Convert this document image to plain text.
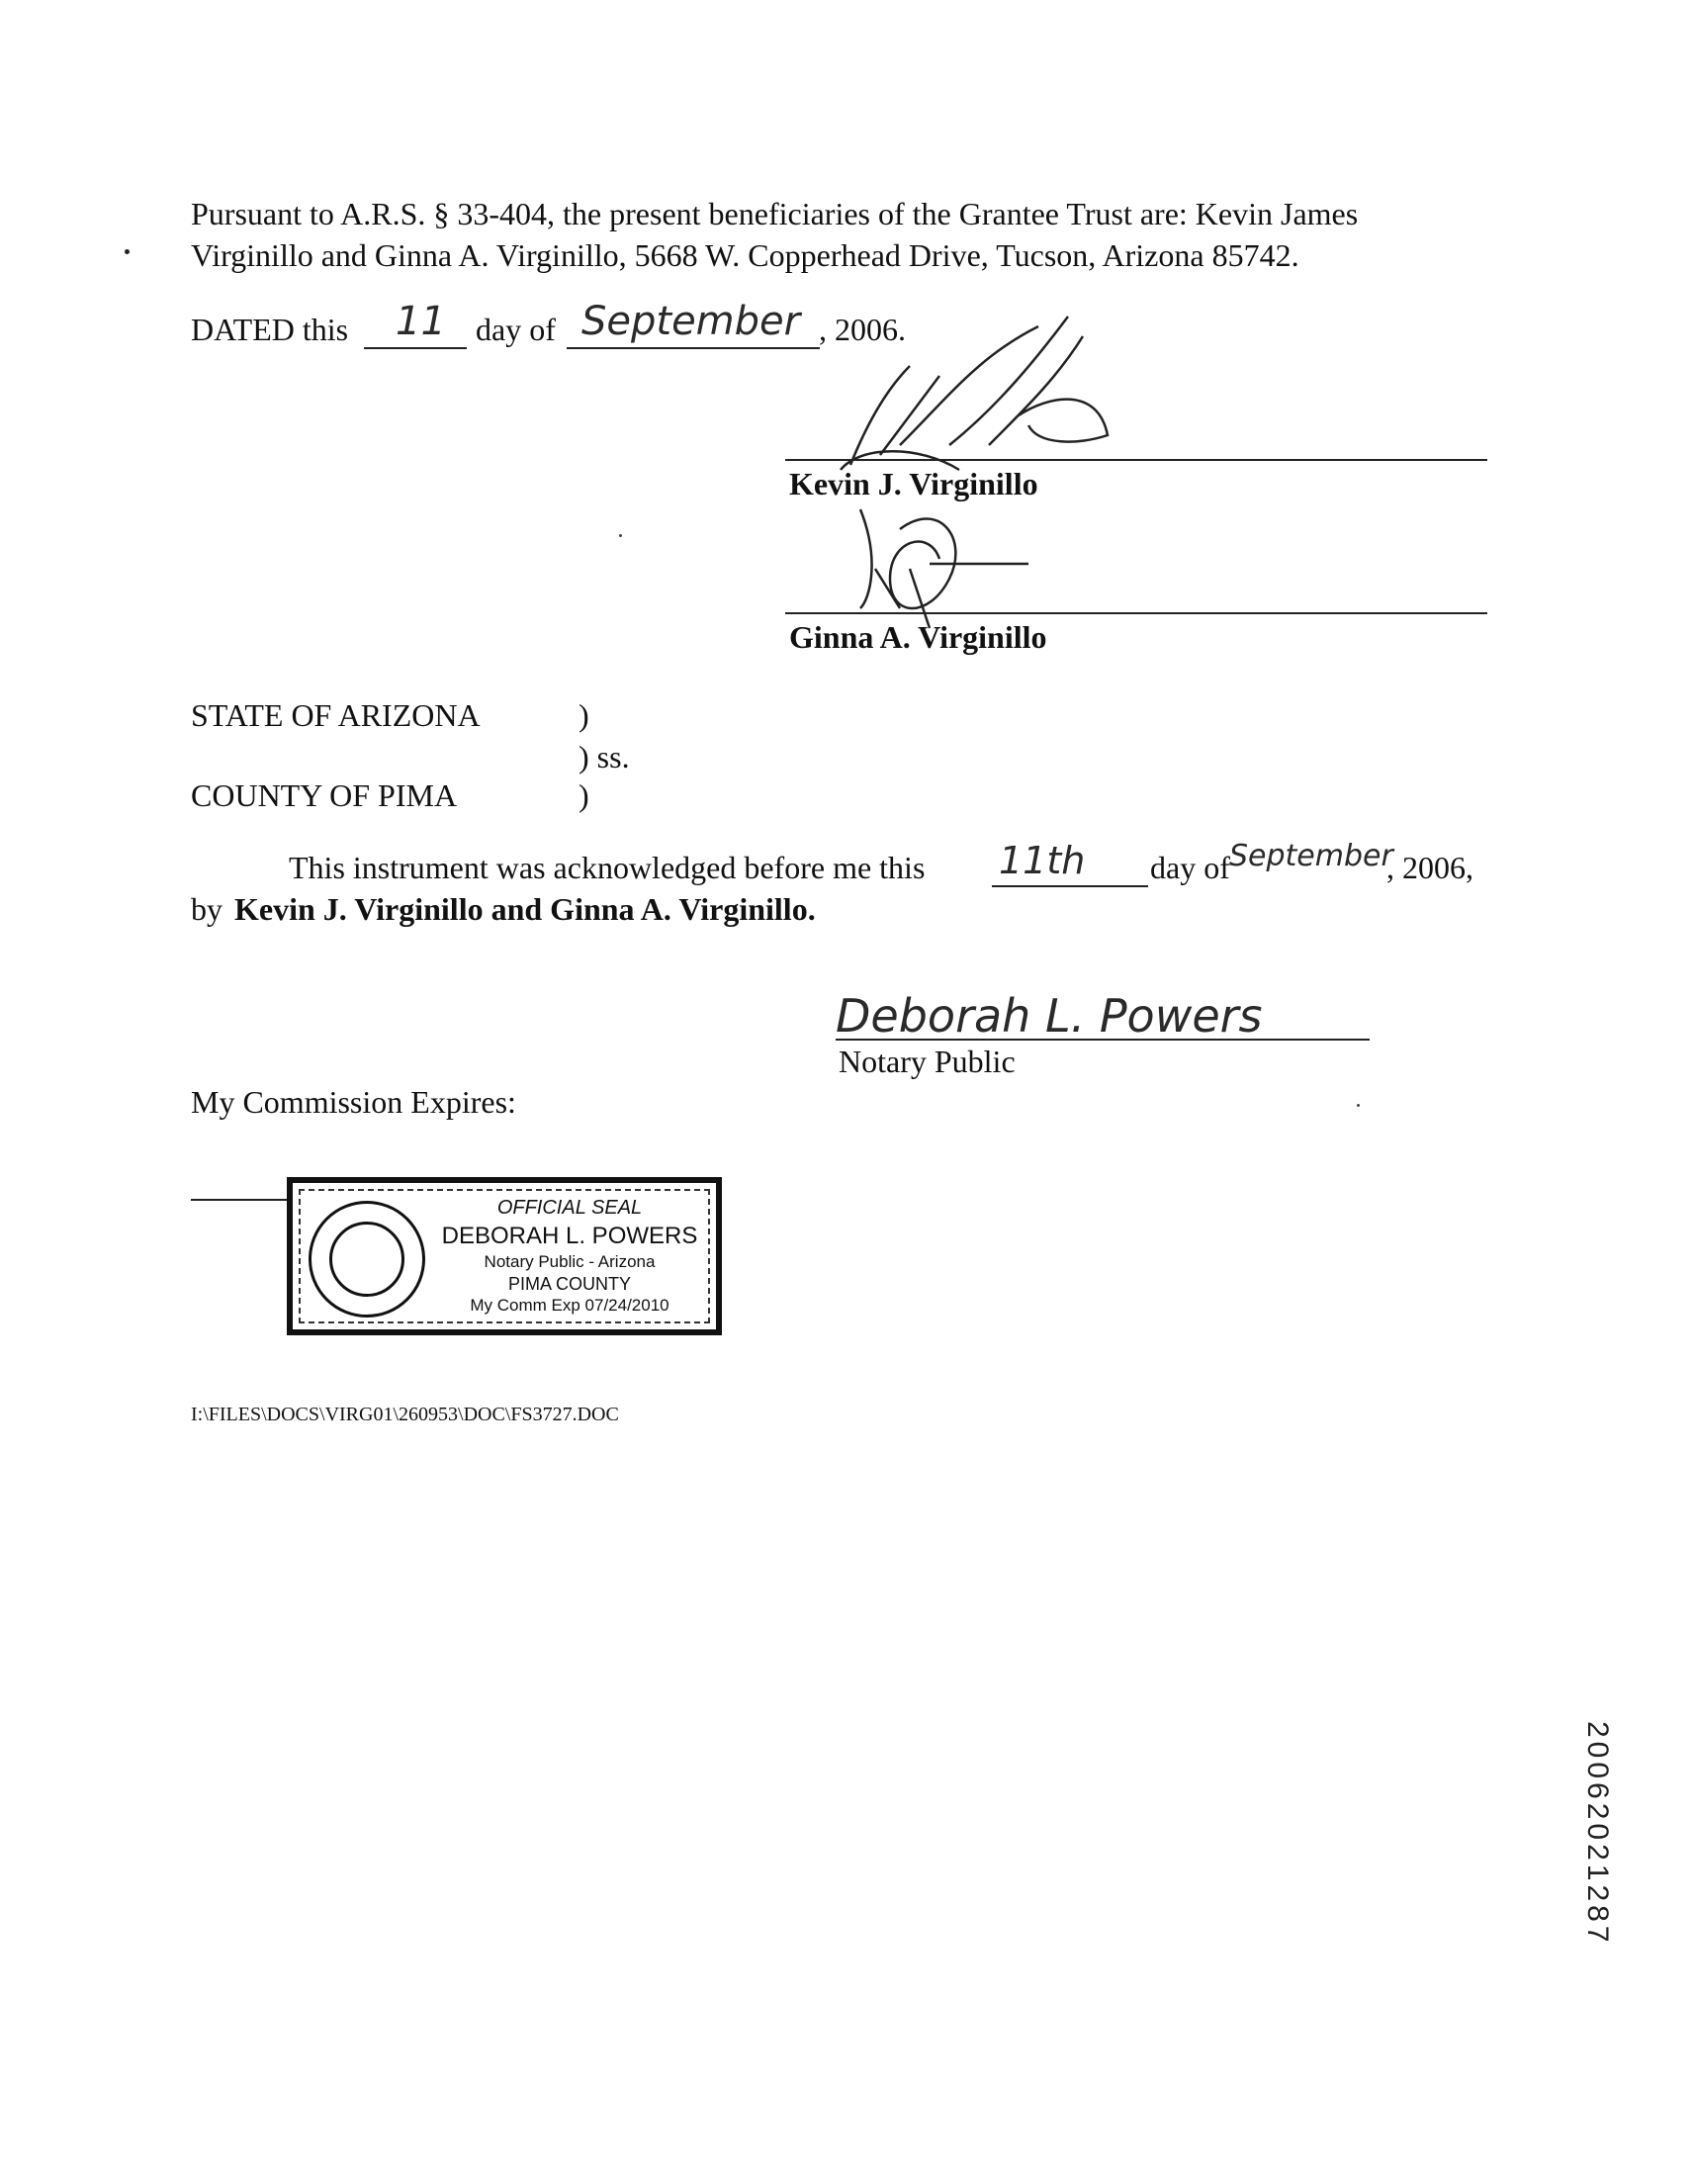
Pursuant to A.R.S. § 33-404, the present beneficiaries of the Grantee Trust are: Kevin James
Virginillo and Ginna A. Virginillo, 5668 W. Copperhead Drive, Tucson, Arizona 85742.
DATED this 11 day of September , 2006.
Kevin J. Virginillo
Ginna A. Virginillo
STATE OF ARIZONA	)
) ss.
COUNTY OF PIMA	)
This instrument was acknowledged before me this 11th day of September
, 2006,
by Kevin J. Virginillo and Ginna A. Virginillo.
Deborah L. Powers
Notary Public
My Commission Expires:
OFFICIAL SEAL
DEBORAH L. POWERS
Notary Public - Arizona
PIMA COUNTY
My Comm Exp 07/24/2010
I:\FILES\DOCS\VIRG01\260953\DOC\FS3727.DOC
20062021287
